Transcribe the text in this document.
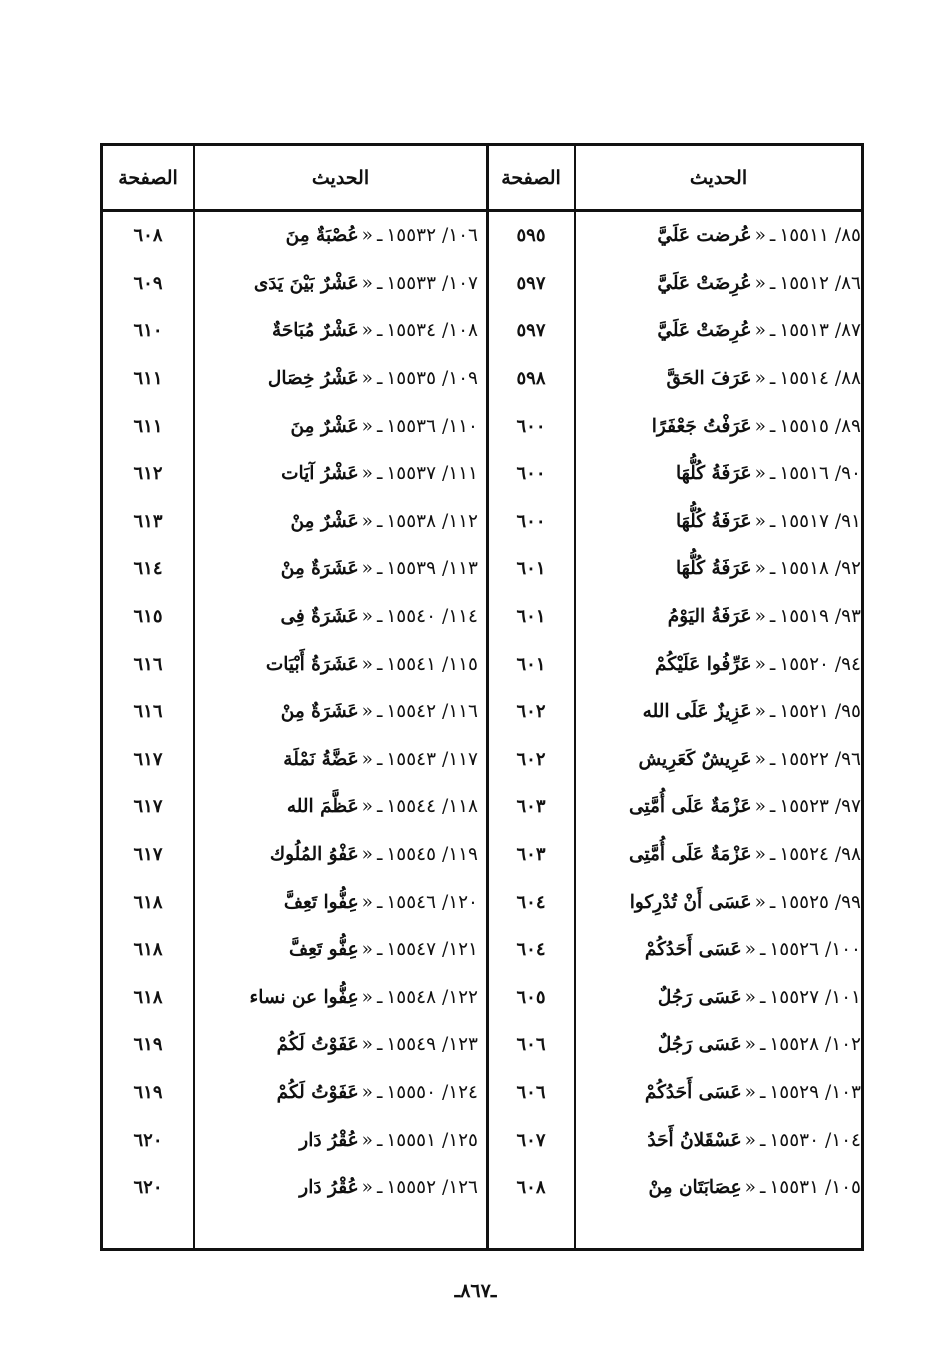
الحديث
الصفحة
الحديث
الصفحة
٨٥/ ١٥٥١١
ـ
«
عُرضت عَلَيَّ
٨٦/ ١٥٥١٢
ـ
«
عُرِضَتْ عَلَيَّ
٨٧/ ١٥٥١٣
ـ
«
عُرِضَتْ عَلَيَّ
٨٨/ ١٥٥١٤
ـ
«
عَرَفَ الحَقَّ
٨٩/ ١٥٥١٥
ـ
«
عَرَفْتُ جَعْفَرًا
٩٠/ ١٥٥١٦
ـ
«
عَرَفَةُ كُلُّهَا
٩١/ ١٥٥١٧
ـ
«
عَرَفَةُ كُلُّهَا
٩٢/ ١٥٥١٨
ـ
«
عَرَفَةُ كُلُّهَا
٩٣/ ١٥٥١٩
ـ
«
عَرَفَةُ اليَوْمُ
٩٤/ ١٥٥٢٠
ـ
«
عَرِّفُوا عَلَيْكُمْ
٩٥/ ١٥٥٢١
ـ
«
عَزِيزٌ عَلَى الله
٩٦/ ١٥٥٢٢
ـ
«
عَرِيشٌ كَعَرِيش
٩٧/ ١٥٥٢٣
ـ
«
عَزْمَةٌ عَلَى أُمَّتِى
٩٨/ ١٥٥٢٤
ـ
«
عَزْمَةٌ عَلَى أُمَّتِى
٩٩/ ١٥٥٢٥
ـ
«
عَسَى أَنْ تُدْرِكوا
١٠٠/ ١٥٥٢٦
ـ
«
عَسَى أَحَدُكُمْ
١٠١/ ١٥٥٢٧
ـ
«
عَسَى رَجُلٌ
١٠٢/ ١٥٥٢٨
ـ
«
عَسَى رَجُلٌ
١٠٣/ ١٥٥٢٩
ـ
«
عَسَى أَحَدُكُمْ
١٠٤/ ١٥٥٣٠
ـ
«
عَسْقَلانُ أَحَدُ
١٠٥/ ١٥٥٣١
ـ
«
عِصَابَتَان مِنْ
٥٩٥
٥٩٧
٥٩٧
٥٩٨
٦٠٠
٦٠٠
٦٠٠
٦٠١
٦٠١
٦٠١
٦٠٢
٦٠٢
٦٠٣
٦٠٣
٦٠٤
٦٠٤
٦٠٥
٦٠٦
٦٠٦
٦٠٧
٦٠٨
١٠٦/ ١٥٥٣٢
ـ
«
عُصْبَةٌ مِنَ
١٠٧/ ١٥٥٣٣
ـ
«
عَشْرٌ بَيْنَ يَدَى
١٠٨/ ١٥٥٣٤
ـ
«
عَشْرٌ مُبَاحَةٌ
١٠٩/ ١٥٥٣٥
ـ
«
عَشْرُ خِصَال
١١٠/ ١٥٥٣٦
ـ
«
عَشْرٌ مِنَ
١١١/ ١٥٥٣٧
ـ
«
عَشْرُ آيَات
١١٢/ ١٥٥٣٨
ـ
«
عَشْرٌ مِنْ
١١٣/ ١٥٥٣٩
ـ
«
عَشَرَةٌ مِنْ
١١٤/ ١٥٥٤٠
ـ
«
عَشَرَةٌ فِى
١١٥/ ١٥٥٤١
ـ
«
عَشَرَةُ أَبْيَات
١١٦/ ١٥٥٤٢
ـ
«
عَشَرَةٌ مِنْ
١١٧/ ١٥٥٤٣
ـ
«
عَضَّةُ نَمْلَة
١١٨/ ١٥٥٤٤
ـ
«
عَظَّمَ الله
١١٩/ ١٥٥٤٥
ـ
«
عَفْوُ المُلُوك
١٢٠/ ١٥٥٤٦
ـ
«
عِفُّوا تَعِفَّ
١٢١/ ١٥٥٤٧
ـ
«
عِفُّو تَعِفَّ
١٢٢/ ١٥٥٤٨
ـ
«
عِفُّوا عن نساء
١٢٣/ ١٥٥٤٩
ـ
«
عَفَوْتُ لَكُمْ
١٢٤/ ١٥٥٥٠
ـ
«
عَفَوْتُ لَكُمْ
١٢٥/ ١٥٥٥١
ـ
«
عُقْرُ دَار
١٢٦/ ١٥٥٥٢
ـ
«
عُقْرُ دَار
٦٠٨
٦٠٩
٦١٠
٦١١
٦١١
٦١٢
٦١٣
٦١٤
٦١٥
٦١٦
٦١٦
٦١٧
٦١٧
٦١٧
٦١٨
٦١٨
٦١٨
٦١٩
٦١٩
٦٢٠
٦٢٠
ـ٨٦٧ـ
